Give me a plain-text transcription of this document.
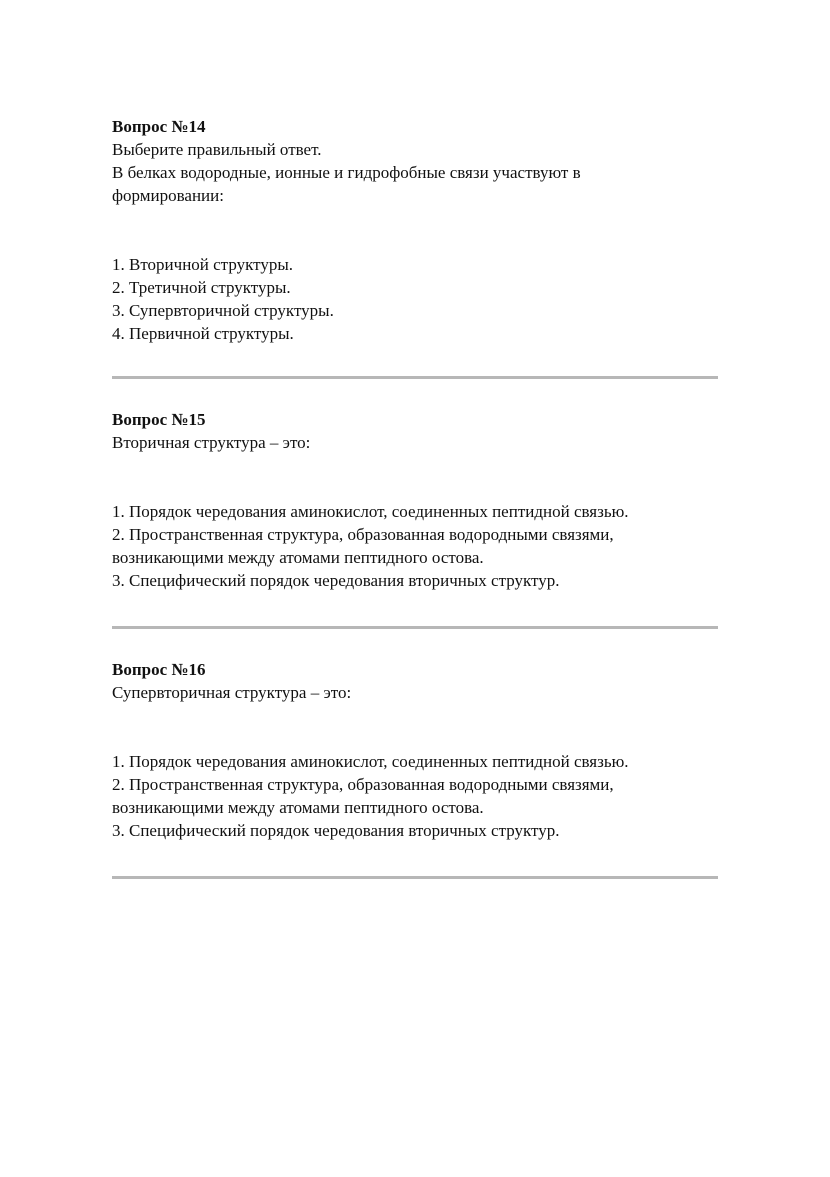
Вопрос №14

Выберите правильный ответ.

В белках водородные, ионные и гидрофобные связи участвуют в

формировании:

1. Вторичной структуры.
2. Третичной структуры.
3. Супервторичной структуры.
4. Первичной структуры.

Вопрос №15

Вторичная структура – это:

1. Порядок чередования аминокислот, соединенных пептидной связью.
2. Пространственная структура, образованная водородными связями,
возникающими между атомами пептидного остова.
3. Специфический порядок чередования вторичных структур.

Вопрос №16

Супервторичная структура – это:

1. Порядок чередования аминокислот, соединенных пептидной связью.
2. Пространственная структура, образованная водородными связями,
возникающими между атомами пептидного остова.
3. Специфический порядок чередования вторичных структур.
